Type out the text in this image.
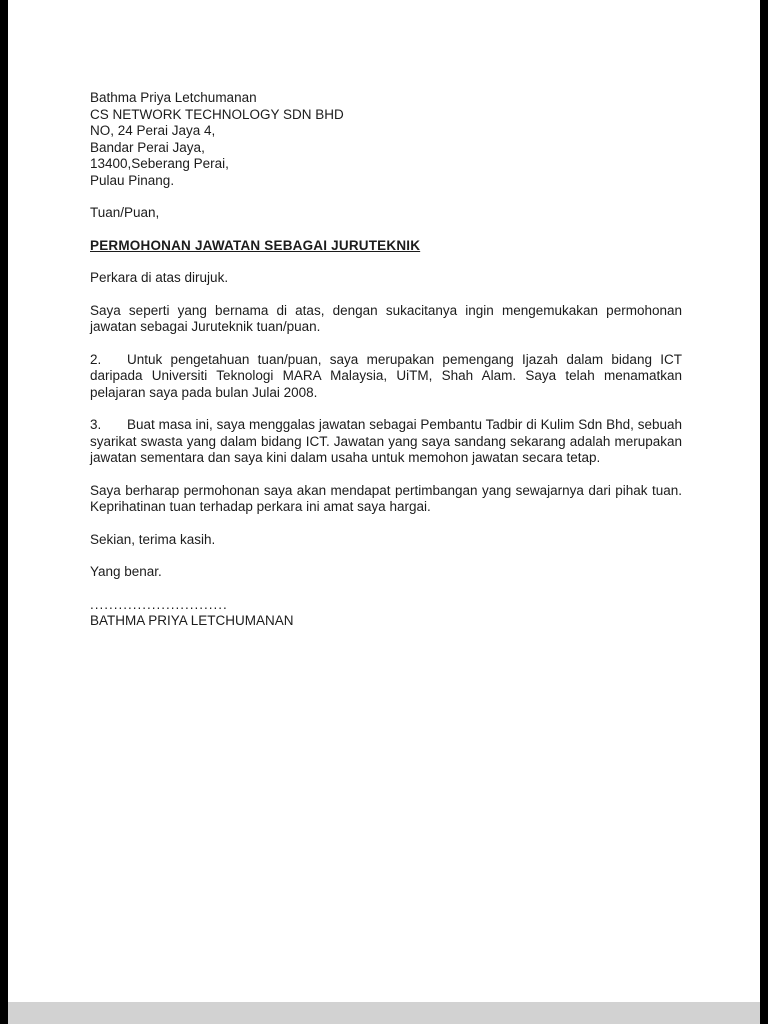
Bathma Priya Letchumanan
CS NETWORK TECHNOLOGY SDN BHD
NO, 24 Perai Jaya 4,
Bandar Perai Jaya,
13400,Seberang Perai,
Pulau Pinang.

Tuan/Puan,

PERMOHONAN JAWATAN SEBAGAI JURUTEKNIK

Perkara di atas dirujuk.

Saya seperti yang bernama di atas, dengan sukacitanya ingin mengemukakan permohonan jawatan sebagai Juruteknik tuan/puan.

2. Untuk pengetahuan tuan/puan, saya merupakan pemengang Ijazah dalam bidang ICT daripada Universiti Teknologi MARA Malaysia, UiTM, Shah Alam. Saya telah menamatkan pelajaran saya pada bulan Julai 2008.

3. Buat masa ini, saya menggalas jawatan sebagai Pembantu Tadbir di Kulim Sdn Bhd, sebuah syarikat swasta yang dalam bidang ICT. Jawatan yang saya sandang sekarang adalah merupakan jawatan sementara dan saya kini dalam usaha untuk memohon jawatan secara tetap.

Saya berharap permohonan saya akan mendapat pertimbangan yang sewajarnya dari pihak tuan. Keprihatinan tuan terhadap perkara ini amat saya hargai.

Sekian, terima kasih.

Yang benar.

.............................

BATHMA PRIYA LETCHUMANAN
